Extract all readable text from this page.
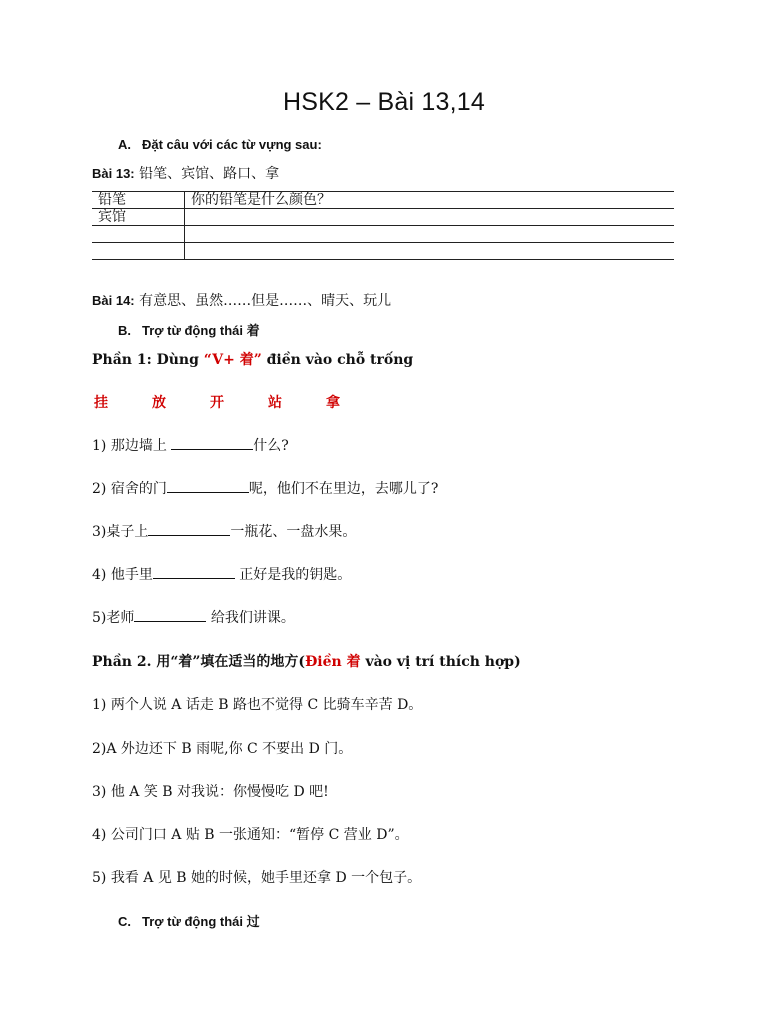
HSK2 – Bài 13,14
A. Đặt câu với các từ vựng sau:
Bài 13: 铅笔、宾馆、路口、拿
铅笔	你的铅笔是什么颜色？
宾馆	

Bài 14: 有意思、虽然……但是……、晴天、玩儿
B. Trợ từ động thái 着
Phần 1: Dùng “V+ 着” điền vào chỗ trống
挂	放	开	站	拿
1) 那边墙上	什么?
2) 宿舍的门	呢，他们不在里边，去哪儿了?
3)桌子上	一瓶花、一盘水果。
4) 他手里	正好是我的钥匙。
5)老师	给我们讲课。
Phần 2. 用“着”填在适当的地方(Điền 着 vào vị trí thích hợp)
1) 两个人说 A 话走 B 路也不觉得 C 比骑车辛苦 D。
2)A 外边还下 B 雨呢,你 C 不要出 D 门。
3) 他 A 笑 B 对我说：你慢慢吃 D 吧!
4) 公司门口 A 贴 B 一张通知：“暂停 C 营业 D”。
5) 我看 A 见 B 她的时候，她手里还拿 D 一个包子。
C. Trợ từ động thái 过
